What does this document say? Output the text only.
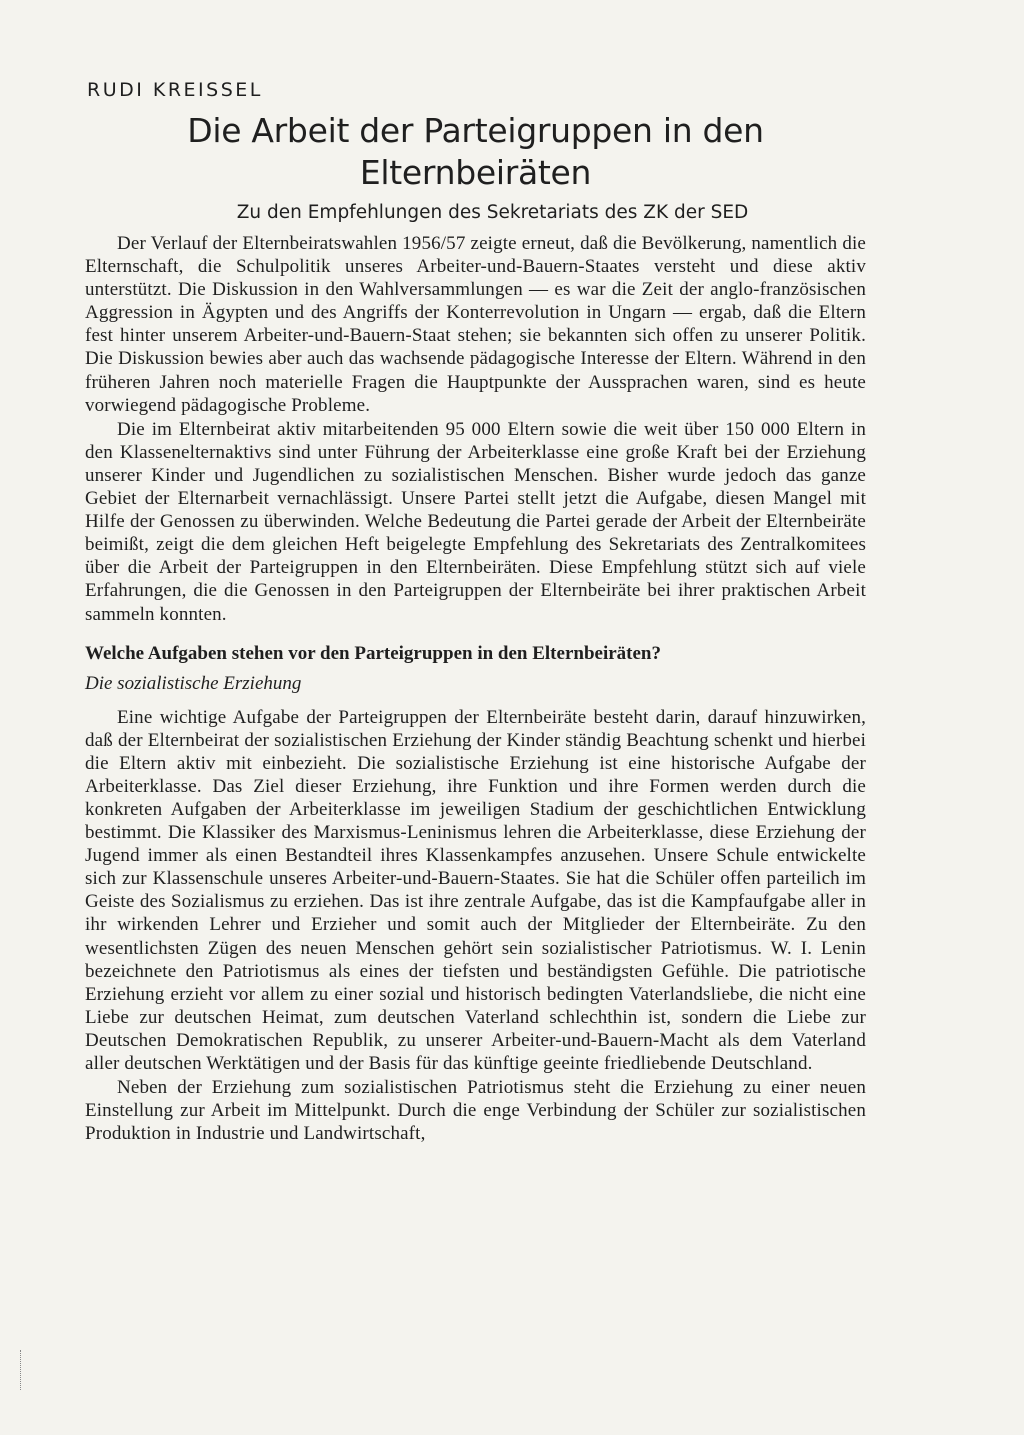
RUDI KREISSEL
Die Arbeit der Parteigruppen in den Elternbeiräten
Zu den Empfehlungen des Sekretariats des ZK der SED

Der Verlauf der Elternbeiratswahlen 1956/57 zeigte erneut, daß die Bevölkerung, namentlich die Elternschaft, die Schulpolitik unseres Arbeiter-und-Bauern-Staates versteht und diese aktiv unterstützt. Die Diskussion in den Wahlversammlungen — es war die Zeit der anglo-französischen Aggression in Ägypten und des Angriffs der Konterrevolution in Ungarn — ergab, daß die Eltern fest hinter unserem Arbeiter-und-Bauern-Staat stehen; sie bekannten sich offen zu unserer Politik. Die Diskussion bewies aber auch das wachsende pädagogische Interesse der Eltern. Während in den früheren Jahren noch materielle Fragen die Hauptpunkte der Aussprachen waren, sind es heute vorwiegend pädagogische Probleme.

Die im Elternbeirat aktiv mitarbeitenden 95 000 Eltern sowie die weit über 150 000 Eltern in den Klassenelternaktivs sind unter Führung der Arbeiterklasse eine große Kraft bei der Erziehung unserer Kinder und Jugendlichen zu sozialistischen Menschen. Bisher wurde jedoch das ganze Gebiet der Elternarbeit vernachlässigt. Unsere Partei stellt jetzt die Aufgabe, diesen Mangel mit Hilfe der Genossen zu überwinden. Welche Bedeutung die Partei gerade der Arbeit der Elternbeiräte beimißt, zeigt die dem gleichen Heft beigelegte Empfehlung des Sekretariats des Zentralkomitees über die Arbeit der Parteigruppen in den Elternbeiräten. Diese Empfehlung stützt sich auf viele Erfahrungen, die die Genossen in den Parteigruppen der Elternbeiräte bei ihrer praktischen Arbeit sammeln konnten.

Welche Aufgaben stehen vor den Parteigruppen in den Elternbeiräten?
Die sozialistische Erziehung

Eine wichtige Aufgabe der Parteigruppen der Elternbeiräte besteht darin, darauf hinzuwirken, daß der Elternbeirat der sozialistischen Erziehung der Kinder ständig Beachtung schenkt und hierbei die Eltern aktiv mit einbezieht. Die sozialistische Erziehung ist eine historische Aufgabe der Arbeiterklasse. Das Ziel dieser Erziehung, ihre Funktion und ihre Formen werden durch die konkreten Aufgaben der Arbeiterklasse im jeweiligen Stadium der geschichtlichen Entwicklung bestimmt. Die Klassiker des Marxismus-Leninismus lehren die Arbeiterklasse, diese Erziehung der Jugend immer als einen Bestandteil ihres Klassenkampfes anzusehen. Unsere Schule entwickelte sich zur Klassenschule unseres Arbeiter-und-Bauern-Staates. Sie hat die Schüler offen parteilich im Geiste des Sozialismus zu erziehen. Das ist ihre zentrale Aufgabe, das ist die Kampfaufgabe aller in ihr wirkenden Lehrer und Erzieher und somit auch der Mitglieder der Elternbeiräte. Zu den wesentlichsten Zügen des neuen Menschen gehört sein sozialistischer Patriotismus. W. I. Lenin bezeichnete den Patriotismus als eines der tiefsten und beständigsten Gefühle. Die patriotische Erziehung erzieht vor allem zu einer sozial und historisch bedingten Vaterlandsliebe, die nicht eine Liebe zur deutschen Heimat, zum deutschen Vaterland schlechthin ist, sondern die Liebe zur Deutschen Demokratischen Republik, zu unserer Arbeiter-und-Bauern-Macht als dem Vaterland aller deutschen Werktätigen und der Basis für das künftige geeinte friedliebende Deutschland.

Neben der Erziehung zum sozialistischen Patriotismus steht die Erziehung zu einer neuen Einstellung zur Arbeit im Mittelpunkt. Durch die enge Verbindung der Schüler zur sozialistischen Produktion in Industrie und Landwirtschaft,
